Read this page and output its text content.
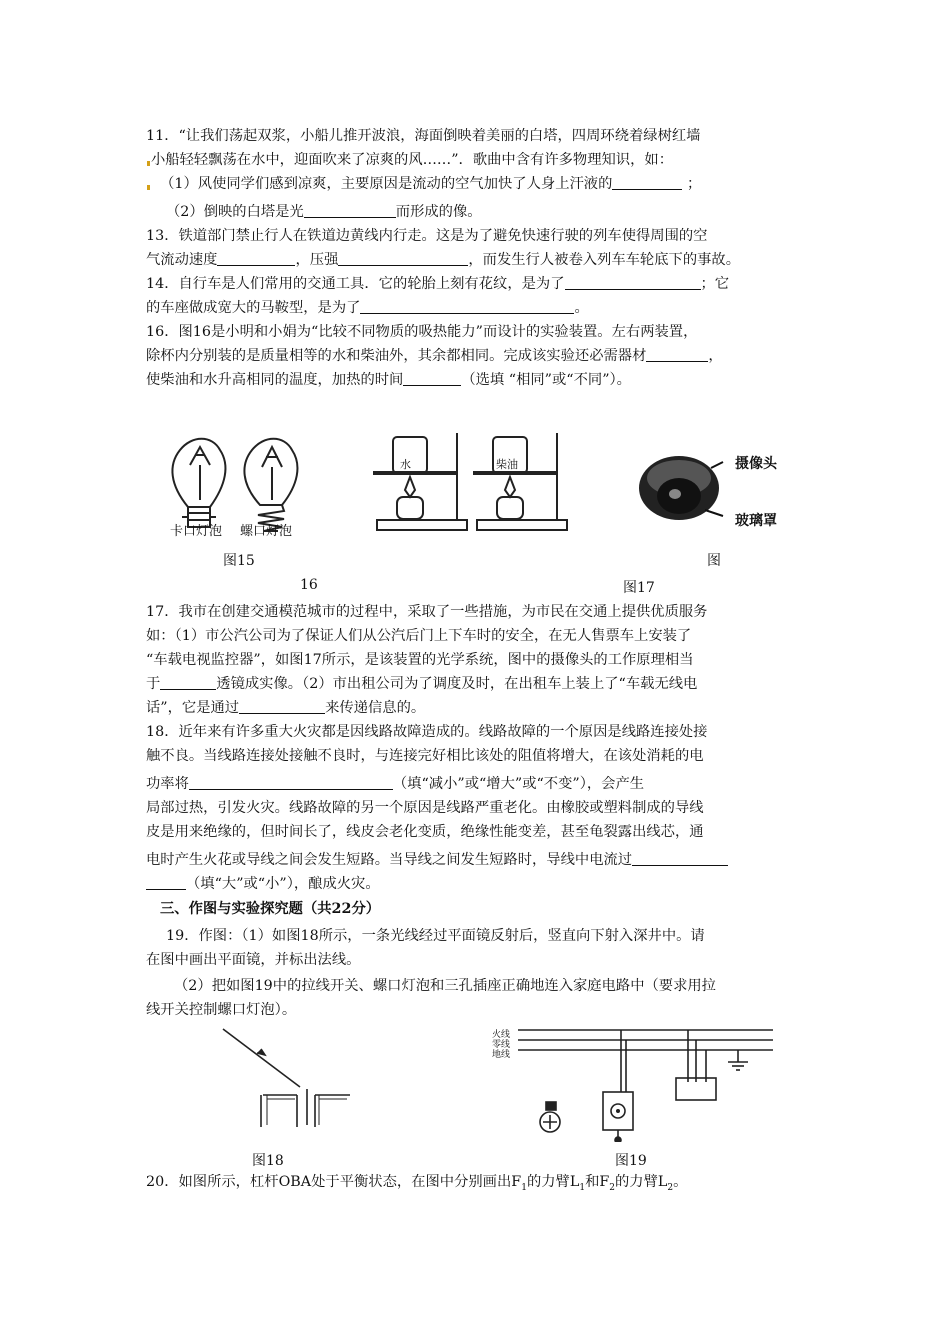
11．“让我们荡起双浆，小船儿推开波浪，海面倒映着美丽的白塔，四周环绕着绿树红墙
小船轻轻飘荡在水中，迎面吹来了凉爽的风……”．歌曲中含有许多物理知识，如：
（1）风使同学们感到凉爽，主要原因是流动的空气加快了人身上汗液的	；
（2）倒映的白塔是光	而形成的像。
13．铁道部门禁止行人在铁道边黄线内行走。这是为了避免快速行驶的列车使得周围的空
气流动速度	，压强	，而发生行人被卷入列车车轮底下的事故。
14．自行车是人们常用的交通工具．它的轮胎上刻有花纹，是为了	；它
的车座做成宽大的马鞍型，是为了	。
16．图16是小明和小娟为“比较不同物质的吸热能力”而设计的实验装置。左右两装置，
除杯内分别装的是质量相等的水和柴油外，其余都相同。完成该实验还必需器材	，
使柴油和水升高相同的温度，加热的时间	（选填 “相同”或“不同”）。
卡口灯泡 螺口灯泡
水	柴油	摄像头
玻璃罩
图15	图
16	图17
17．我市在创建交通模范城市的过程中，采取了一些措施，为市民在交通上提供优质服务
如：（1）市公汽公司为了保证人们从公汽后门上下车时的安全，在无人售票车上安装了
“车载电视监控器”，如图17所示，是该装置的光学系统，图中的摄像头的工作原理相当
于	透镜成实像。（2）市出租公司为了调度及时，在出租车上装上了“车载无线电
话”，它是通过	来传递信息的。
18．近年来有许多重大火灾都是因线路故障造成的。线路故障的一个原因是线路连接处接
触不良。当线路连接处接触不良时，与连接完好相比该处的阻值将增大，在该处消耗的电
功率将	（填“减小”或“增大”或“不变”），会产生
局部过热，引发火灾。线路故障的另一个原因是线路严重老化。由橡胶或塑料制成的导线
皮是用来绝缘的，但时间长了，线皮会老化变质，绝缘性能变差，甚至龟裂露出线芯，通
电时产生火花或导线之间会发生短路。当导线之间发生短路时，导线中电流过
（填“大”或“小”），酿成火灾。
三、作图与实验探究题（共22分）
19．作图：（1）如图18所示，一条光线经过平面镜反射后，竖直向下射入深井中。请
在图中画出平面镜，并标出法线。
（2）把如图19中的拉线开关、螺口灯泡和三孔插座正确地连入家庭电路中（要求用拉
线开关控制螺口灯泡）。
火线
零线
地线
图18	图19
20．如图所示，杠杆OBA处于平衡状态，在图中分别画出$F_1$的力臂$L_1$和$F_2$的力臂$L_2$。
